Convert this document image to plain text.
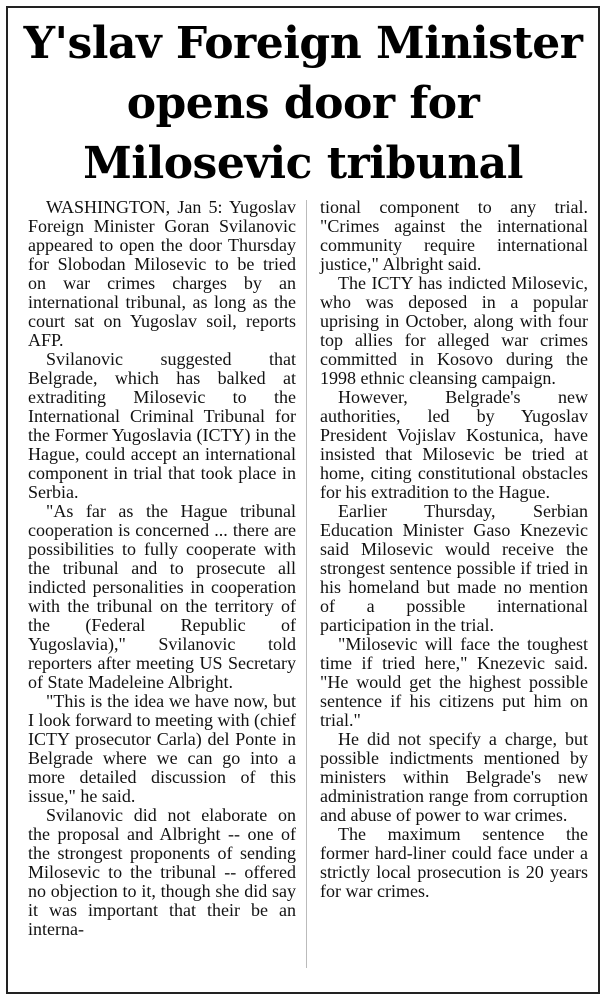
Y'slav Foreign Minister opens door for Milosevic tribunal

WASHINGTON, Jan 5: Yugoslav Foreign Minister Goran Svilanovic appeared to open the door Thursday for Slobodan Milosevic to be tried on war crimes charges by an international tribunal, as long as the court sat on Yugoslav soil, reports AFP.

Svilanovic suggested that Belgrade, which has balked at extraditing Milosevic to the International Criminal Tribunal for the Former Yugoslavia (ICTY) in the Hague, could accept an international component in trial that took place in Serbia.

"As far as the Hague tribunal cooperation is concerned ... there are possibilities to fully cooperate with the tribunal and to prosecute all indicted personalities in cooperation with the tribunal on the territory of the (Federal Republic of Yugoslavia)," Svilanovic told reporters after meeting US Secretary of State Madeleine Albright.

"This is the idea we have now, but I look forward to meeting with (chief ICTY prosecutor Carla) del Ponte in Belgrade where we can go into a more detailed discussion of this issue," he said.

Svilanovic did not elaborate on the proposal and Albright -- one of the strongest proponents of sending Milosevic to the tribunal -- offered no objection to it, though she did say it was important that their be an interna-

tional component to any trial. "Crimes against the international community require international justice," Albright said.

The ICTY has indicted Milosevic, who was deposed in a popular uprising in October, along with four top allies for alleged war crimes committed in Kosovo during the 1998 ethnic cleansing campaign.

However, Belgrade's new authorities, led by Yugoslav President Vojislav Kostunica, have insisted that Milosevic be tried at home, citing constitutional obstacles for his extradition to the Hague.

Earlier Thursday, Serbian Education Minister Gaso Knezevic said Milosevic would receive the strongest sentence possible if tried in his homeland but made no mention of a possible international participation in the trial.

"Milosevic will face the toughest time if tried here," Knezevic said. "He would get the highest possible sentence if his citizens put him on trial."

He did not specify a charge, but possible indictments mentioned by ministers within Belgrade's new administration range from corruption and abuse of power to war crimes.

The maximum sentence the former hard-liner could face under a strictly local prosecution is 20 years for war crimes.
